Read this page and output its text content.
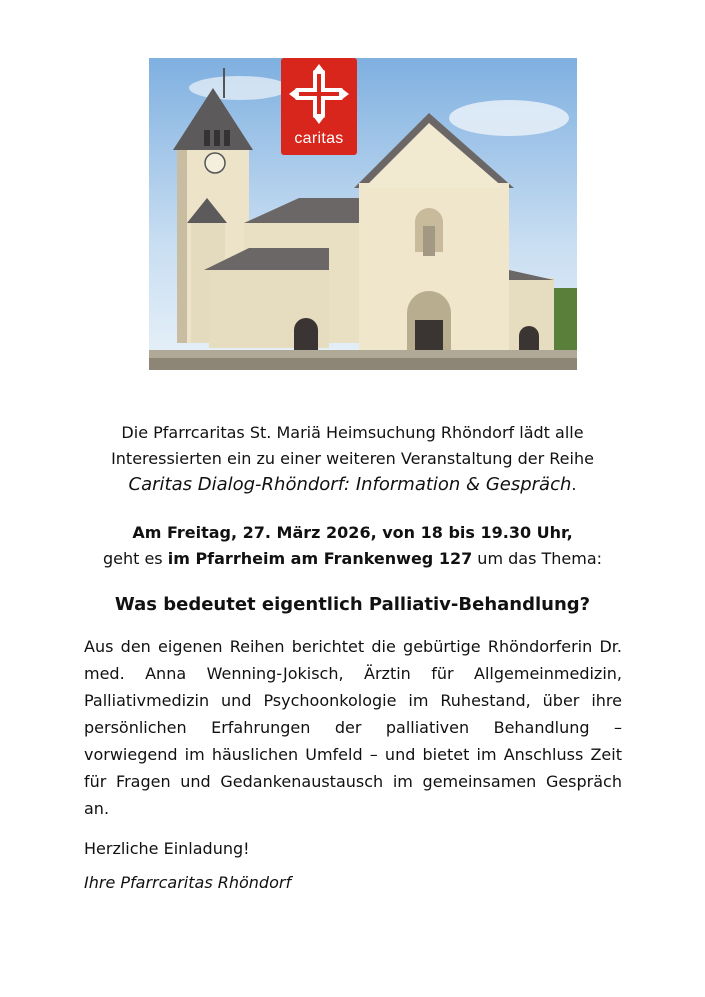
caritas
Die Pfarrcaritas St. Mariä Heimsuchung Rhöndorf lädt alle
Interessierten ein zu einer weiteren Veranstaltung der Reihe
Caritas Dialog-Rhöndorf: Information & Gespräch.
Am Freitag, 27. März 2026, von 18 bis 19.30 Uhr,
geht es im Pfarrheim am Frankenweg 127 um das Thema:
Was bedeutet eigentlich Palliativ-Behandlung?
Aus den eigenen Reihen berichtet die gebürtige Rhöndorferin Dr. med. Anna Wenning-Jokisch, Ärztin für Allgemeinmedizin, Palliativmedizin und Psychoonkologie im Ruhestand, über ihre persönlichen Erfahrungen der palliativen Behandlung – vorwiegend im häuslichen Umfeld – und bietet im Anschluss Zeit für Fragen und Gedankenaustausch im gemeinsamen Gespräch an.
Herzliche Einladung!
Ihre Pfarrcaritas Rhöndorf
